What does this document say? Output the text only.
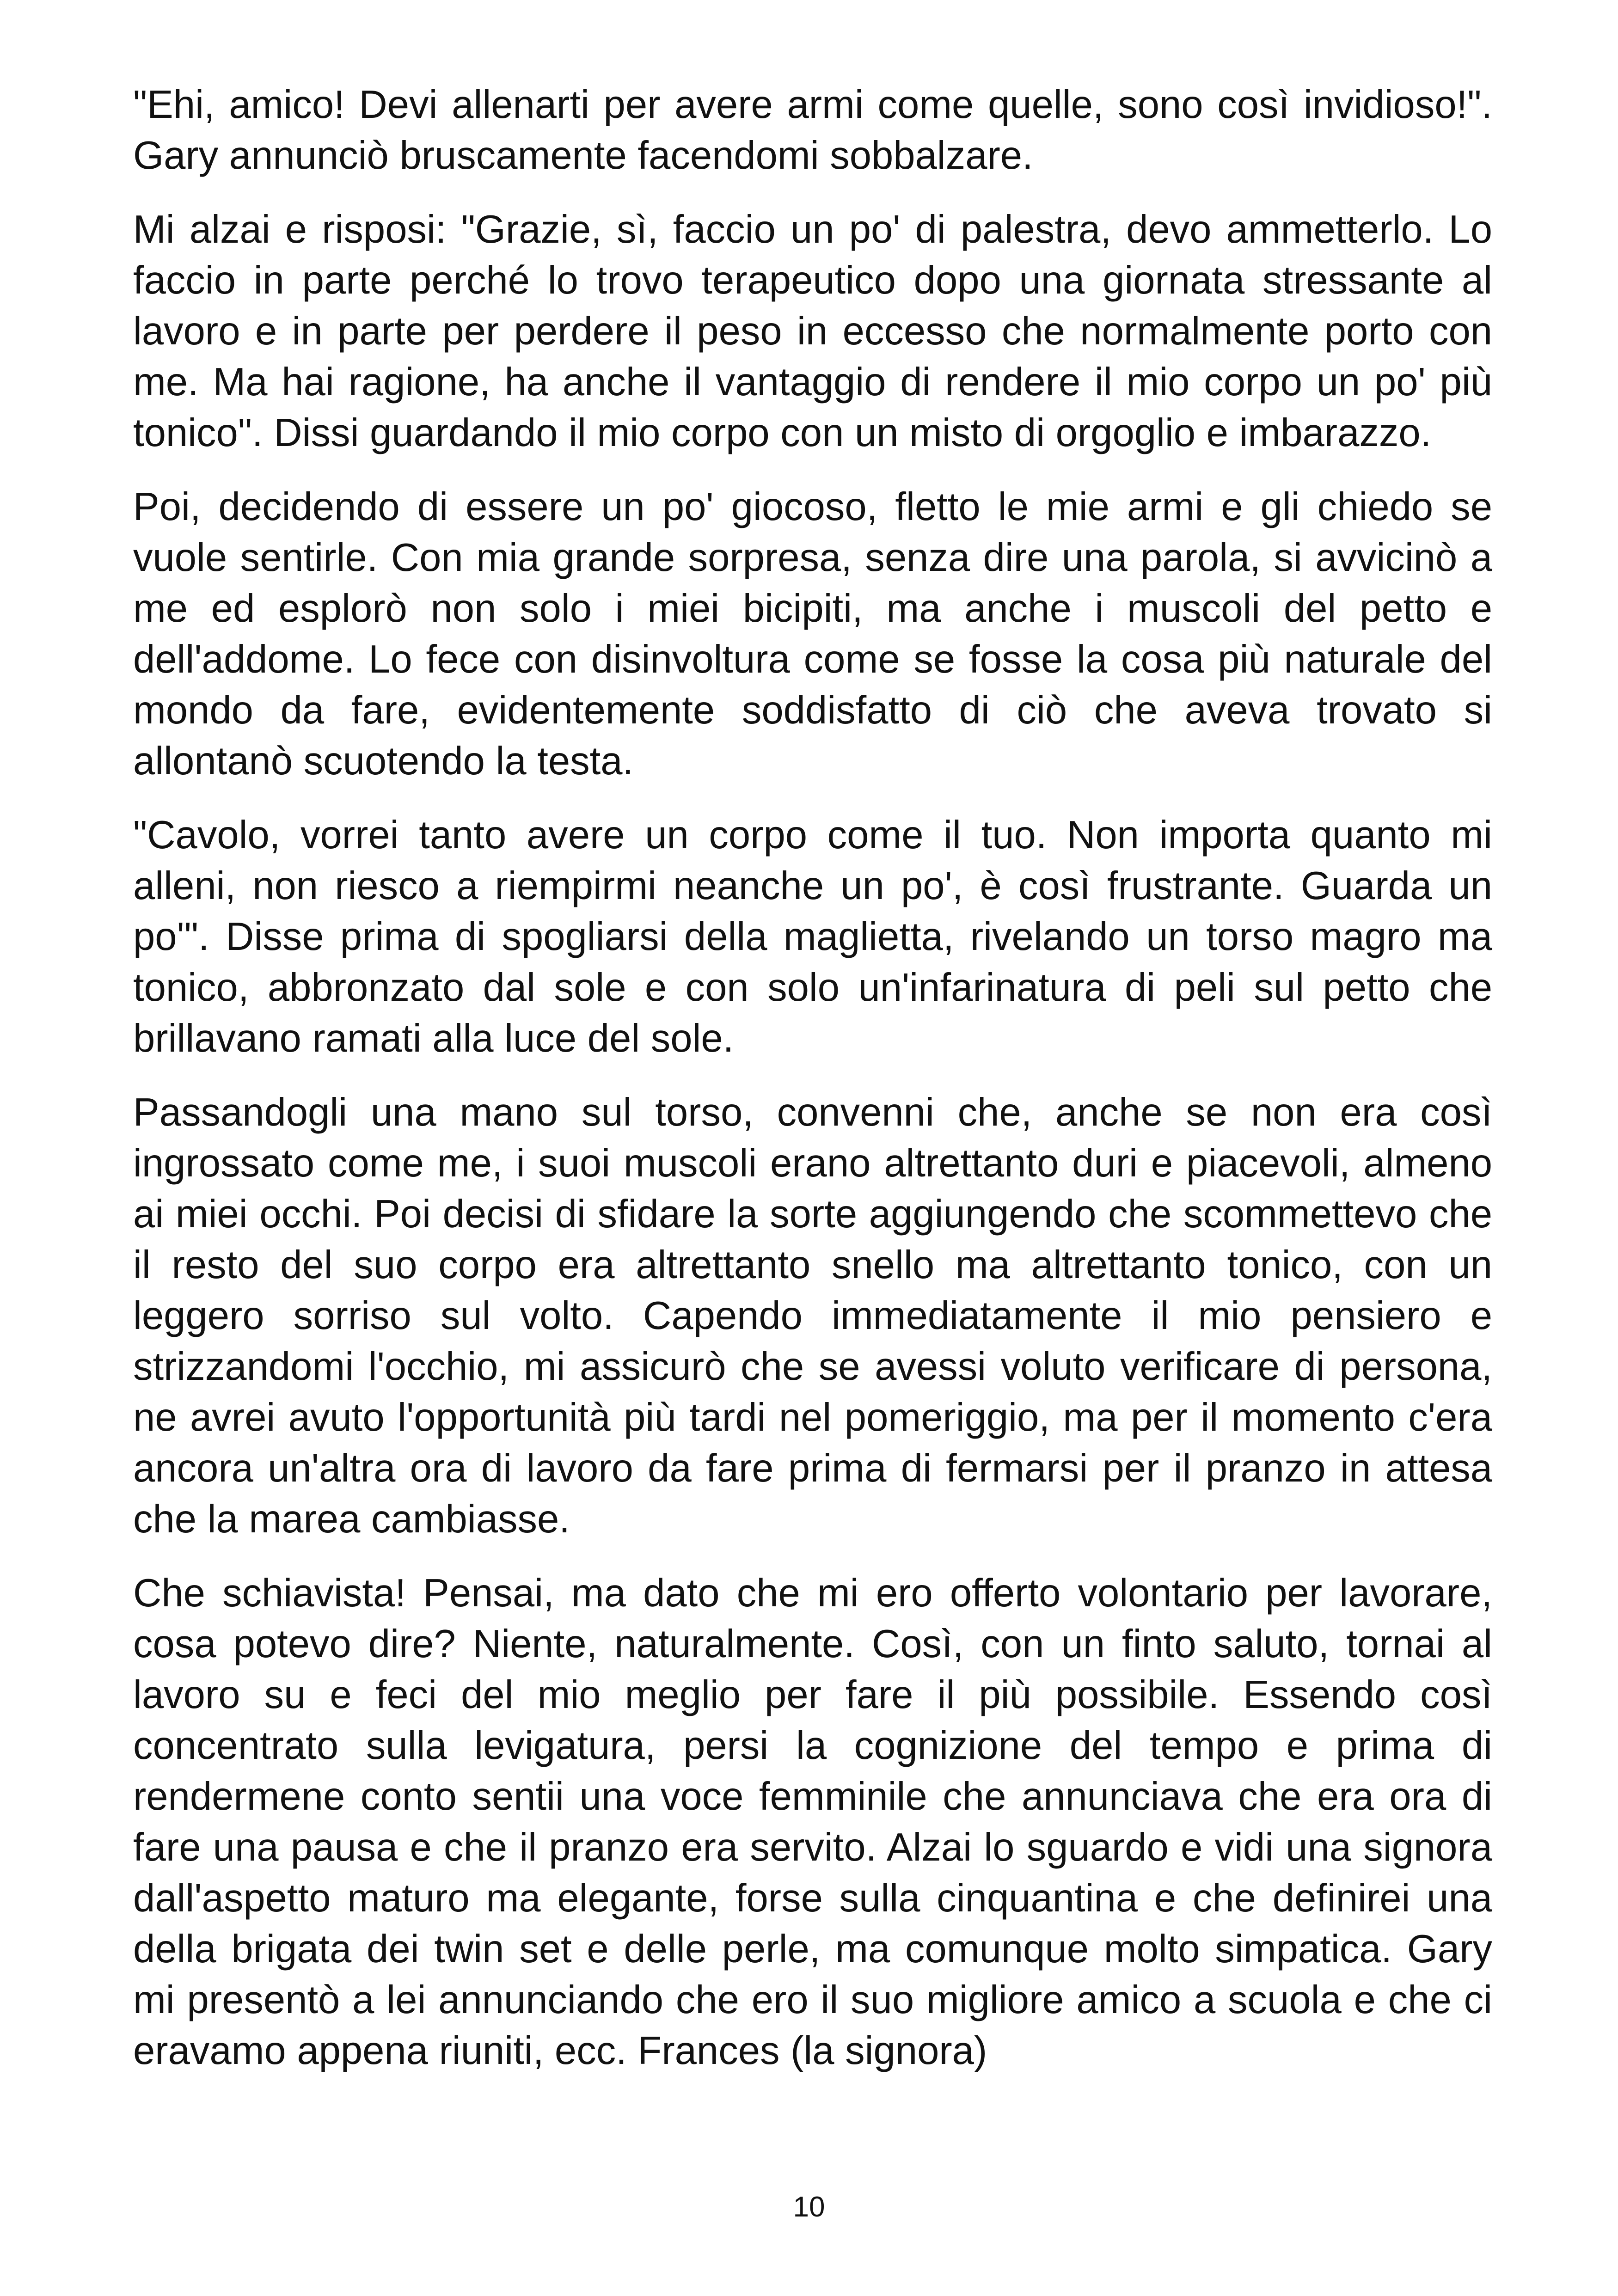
"Ehi, amico! Devi allenarti per avere armi come quelle, sono così invidioso!". Gary annunciò bruscamente facendomi sobbalzare.

Mi alzai e risposi: "Grazie, sì, faccio un po' di palestra, devo ammetterlo. Lo faccio in parte perché lo trovo terapeutico dopo una giornata stressante al lavoro e in parte per perdere il peso in eccesso che normalmente porto con me. Ma hai ragione, ha anche il vantaggio di rendere il mio corpo un po' più tonico". Dissi guardando il mio corpo con un misto di orgoglio e imbarazzo.

Poi, decidendo di essere un po' giocoso, fletto le mie armi e gli chiedo se vuole sentirle. Con mia grande sorpresa, senza dire una parola, si avvicinò a me ed esplorò non solo i miei bicipiti, ma anche i muscoli del petto e dell'addome. Lo fece con disinvoltura come se fosse la cosa più naturale del mondo da fare, evidentemente soddisfatto di ciò che aveva trovato si allontanò scuotendo la testa.

"Cavolo, vorrei tanto avere un corpo come il tuo. Non importa quanto mi alleni, non riesco a riempirmi neanche un po', è così frustrante. Guarda un po'". Disse prima di spogliarsi della maglietta, rivelando un torso magro ma tonico, abbronzato dal sole e con solo un'infarinatura di peli sul petto che brillavano ramati alla luce del sole.

Passandogli una mano sul torso, convenni che, anche se non era così ingrossato come me, i suoi muscoli erano altrettanto duri e piacevoli, almeno ai miei occhi. Poi decisi di sfidare la sorte aggiungendo che scommettevo che il resto del suo corpo era altrettanto snello ma altrettanto tonico, con un leggero sorriso sul volto. Capendo immediatamente il mio pensiero e strizzandomi l'occhio, mi assicurò che se avessi voluto verificare di persona, ne avrei avuto l'opportunità più tardi nel pomeriggio, ma per il momento c'era ancora un'altra ora di lavoro da fare prima di fermarsi per il pranzo in attesa che la marea cambiasse.

Che schiavista! Pensai, ma dato che mi ero offerto volontario per lavorare, cosa potevo dire? Niente, naturalmente. Così, con un finto saluto, tornai al lavoro su e feci del mio meglio per fare il più possibile. Essendo così concentrato sulla levigatura, persi la cognizione del tempo e prima di rendermene conto sentii una voce femminile che annunciava che era ora di fare una pausa e che il pranzo era servito. Alzai lo sguardo e vidi una signora dall'aspetto maturo ma elegante, forse sulla cinquantina e che definirei una della brigata dei twin set e delle perle, ma comunque molto simpatica. Gary mi presentò a lei annunciando che ero il suo migliore amico a scuola e che ci eravamo appena riuniti, ecc. Frances (la signora)

10
